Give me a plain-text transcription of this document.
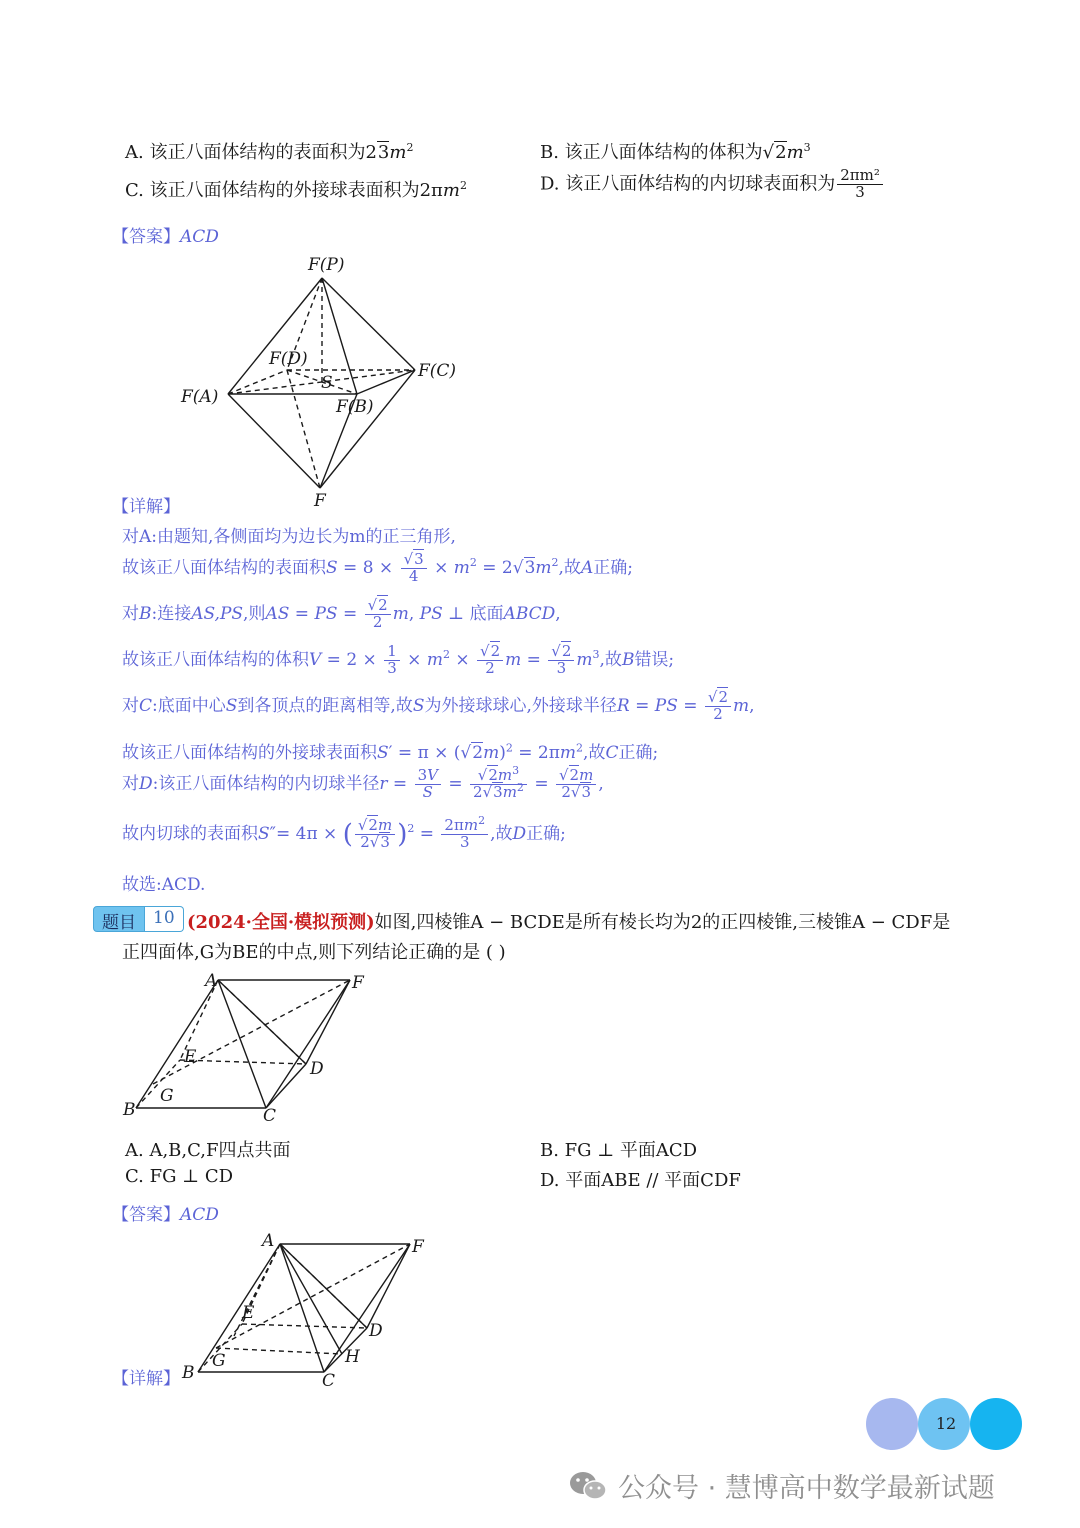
A. 该正八面体结构的表面积为$23m^2$	B. 该正八面体结构的体积为$√2m^3$
C. 该正八面体结构的外接球表面积为$2\pi m^2$	D. 该正八面体结构的内切球表面积为 $\frac{\text{2πm²}}{3}$
【答案】ACD
F(P)
F(D)
F(C)
F(A)
S
F(B)
F
【详解】
对A:由题知,各侧面均为边长为m的正三角形,
故该正八面体结构的表面积$S = 8 \times \frac{√3}{4} \times m^2 = 2√3m^2$,故A正确;
对B:连接AS,PS,则AS = PS = $\frac{√2}{2} m$, PS ⊥ 底面ABCD,
故该正八面体结构的体积$V = 2 \times \frac{1}{3} \times m^2 \times \frac{√2}{2}$ $m = \frac{√2}{3} m^3$,故B错误;
对C:底面中心S到各顶点的距离相等,故S为外接球球心,外接球半径R = PS = $\frac{√2}{2} m$,
故该正八面体结构的外接球表面积$S' = \pi \times (√2m)^2 = 2\pi m^2$,故C正确;
对D:该正八面体结构的内切球半径$r = \frac{3V}{S} = \frac{√2m^3}{2√3m^2} = \frac{√2m}{2√3}$ ,
故内切球的表面积S″= 4π × ( $\frac{√2m}{2√3} )^2 = \frac{2\pi m^2}{3}$ ,故D正确;
故选:ACD.
题目	10 (2024·全国·模拟预测)如图,四棱锥A − BCDE是所有棱长均为2的正四棱锥,三棱锥A − CDF是
正四面体,G为BE的中点,则下列结论正确的是 ( )
A	F
E
D
G
B	C
A. A,B,C,F四点共面	B. FG ⊥ 平面ACD
C. FG ⊥ CD	D. 平面ABE // 平面CDF
【答案】ACD
A	F
E
D
G	H
B	C
【详解】
12
公众号 · 慧博高中数学最新试题
